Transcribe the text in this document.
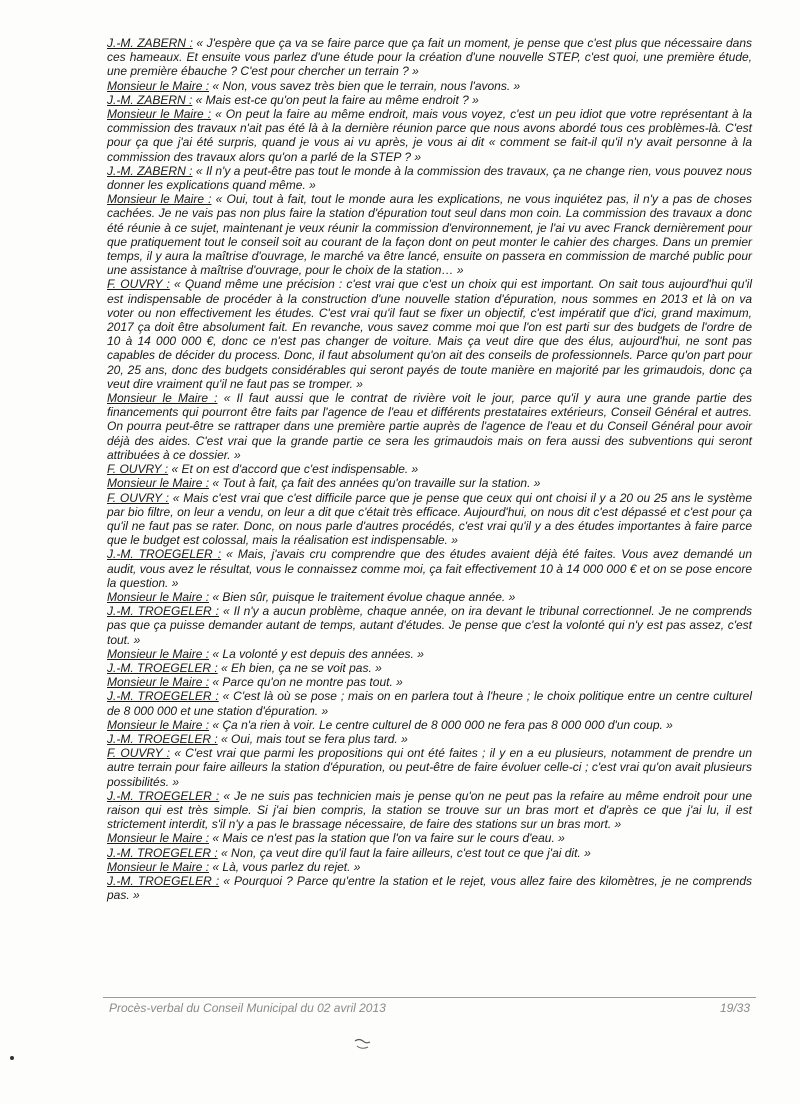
J.-M. ZABERN : « J'espère que ça va se faire parce que ça fait un moment, je pense que c'est plus que nécessaire dans ces hameaux. Et ensuite vous parlez d'une étude pour la création d'une nouvelle STEP, c'est quoi, une première étude, une première ébauche ? C'est pour chercher un terrain ? »

Monsieur le Maire : « Non, vous savez très bien que le terrain, nous l'avons. »

J.-M. ZABERN : « Mais est-ce qu'on peut la faire au même endroit ? »

Monsieur le Maire : « On peut la faire au même endroit, mais vous voyez, c'est un peu idiot que votre représentant à la commission des travaux n'ait pas été là à la dernière réunion parce que nous avons abordé tous ces problèmes-là. C'est pour ça que j'ai été surpris, quand je vous ai vu après, je vous ai dit « comment se fait-il qu'il n'y avait personne à la commission des travaux alors qu'on a parlé de la STEP ? »

J.-M. ZABERN : « Il n'y a peut-être pas tout le monde à la commission des travaux, ça ne change rien, vous pouvez nous donner les explications quand même. »

Monsieur le Maire : « Oui, tout à fait, tout le monde aura les explications, ne vous inquiétez pas, il n'y a pas de choses cachées. Je ne vais pas non plus faire la station d'épuration tout seul dans mon coin. La commission des travaux a donc été réunie à ce sujet, maintenant je veux réunir la commission d'environnement, je l'ai vu avec Franck dernièrement pour que pratiquement tout le conseil soit au courant de la façon dont on peut monter le cahier des charges. Dans un premier temps, il y aura la maîtrise d'ouvrage, le marché va être lancé, ensuite on passera en commission de marché public pour une assistance à maîtrise d'ouvrage, pour le choix de la station… »

F. OUVRY : « Quand même une précision : c'est vrai que c'est un choix qui est important. On sait tous aujourd'hui qu'il est indispensable de procéder à la construction d'une nouvelle station d'épuration, nous sommes en 2013 et là on va voter ou non effectivement les études. C'est vrai qu'il faut se fixer un objectif, c'est impératif que d'ici, grand maximum, 2017 ça doit être absolument fait. En revanche, vous savez comme moi que l'on est parti sur des budgets de l'ordre de 10 à 14 000 000 €, donc ce n'est pas changer de voiture. Mais ça veut dire que des élus, aujourd'hui, ne sont pas capables de décider du process. Donc, il faut absolument qu'on ait des conseils de professionnels. Parce qu'on part pour 20, 25 ans, donc des budgets considérables qui seront payés de toute manière en majorité par les grimaudois, donc ça veut dire vraiment qu'il ne faut pas se tromper. »

Monsieur le Maire : « Il faut aussi que le contrat de rivière voit le jour, parce qu'il y aura une grande partie des financements qui pourront être faits par l'agence de l'eau et différents prestataires extérieurs, Conseil Général et autres. On pourra peut-être se rattraper dans une première partie auprès de l'agence de l'eau et du Conseil Général pour avoir déjà des aides. C'est vrai que la grande partie ce sera les grimaudois mais on fera aussi des subventions qui seront attribuées à ce dossier. »

F. OUVRY : « Et on est d'accord que c'est indispensable. »

Monsieur le Maire : « Tout à fait, ça fait des années qu'on travaille sur la station. »

F. OUVRY : « Mais c'est vrai que c'est difficile parce que je pense que ceux qui ont choisi il y a 20 ou 25 ans le système par bio filtre, on leur a vendu, on leur a dit que c'était très efficace. Aujourd'hui, on nous dit c'est dépassé et c'est pour ça qu'il ne faut pas se rater. Donc, on nous parle d'autres procédés, c'est vrai qu'il y a des études importantes à faire parce que le budget est colossal, mais la réalisation est indispensable. »

J.-M. TROEGELER : « Mais, j'avais cru comprendre que des études avaient déjà été faites. Vous avez demandé un audit, vous avez le résultat, vous le connaissez comme moi, ça fait effectivement 10 à 14 000 000 € et on se pose encore la question. »

Monsieur le Maire : « Bien sûr, puisque le traitement évolue chaque année. »

J.-M. TROEGELER : « Il n'y a aucun problème, chaque année, on ira devant le tribunal correctionnel. Je ne comprends pas que ça puisse demander autant de temps, autant d'études. Je pense que c'est la volonté qui n'y est pas assez, c'est tout. »

Monsieur le Maire : « La volonté y est depuis des années. »

J.-M. TROEGELER : « Eh bien, ça ne se voit pas. »

Monsieur le Maire : « Parce qu'on ne montre pas tout. »

J.-M. TROEGELER : « C'est là où se pose ; mais on en parlera tout à l'heure ; le choix politique entre un centre culturel de 8 000 000 et une station d'épuration. »

Monsieur le Maire : « Ça n'a rien à voir. Le centre culturel de 8 000 000 ne fera pas 8 000 000 d'un coup. »

J.-M. TROEGELER : « Oui, mais tout se fera plus tard. »

F. OUVRY : « C'est vrai que parmi les propositions qui ont été faites ; il y en a eu plusieurs, notamment de prendre un autre terrain pour faire ailleurs la station d'épuration, ou peut-être de faire évoluer celle-ci ; c'est vrai qu'on avait plusieurs possibilités. »

J.-M. TROEGELER : « Je ne suis pas technicien mais je pense qu'on ne peut pas la refaire au même endroit pour une raison qui est très simple. Si j'ai bien compris, la station se trouve sur un bras mort et d'après ce que j'ai lu, il est strictement interdit, s'il n'y a pas le brassage nécessaire, de faire des stations sur un bras mort. »

Monsieur le Maire : « Mais ce n'est pas la station que l'on va faire sur le cours d'eau. »

J.-M. TROEGELER : « Non, ça veut dire qu'il faut la faire ailleurs, c'est tout ce que j'ai dit. »

Monsieur le Maire : « Là, vous parlez du rejet. »

J.-M. TROEGELER : « Pourquoi ? Parce qu'entre la station et le rejet, vous allez faire des kilomètres, je ne comprends pas. »

Procès-verbal du Conseil Municipal du 02 avril 2013	19/33
